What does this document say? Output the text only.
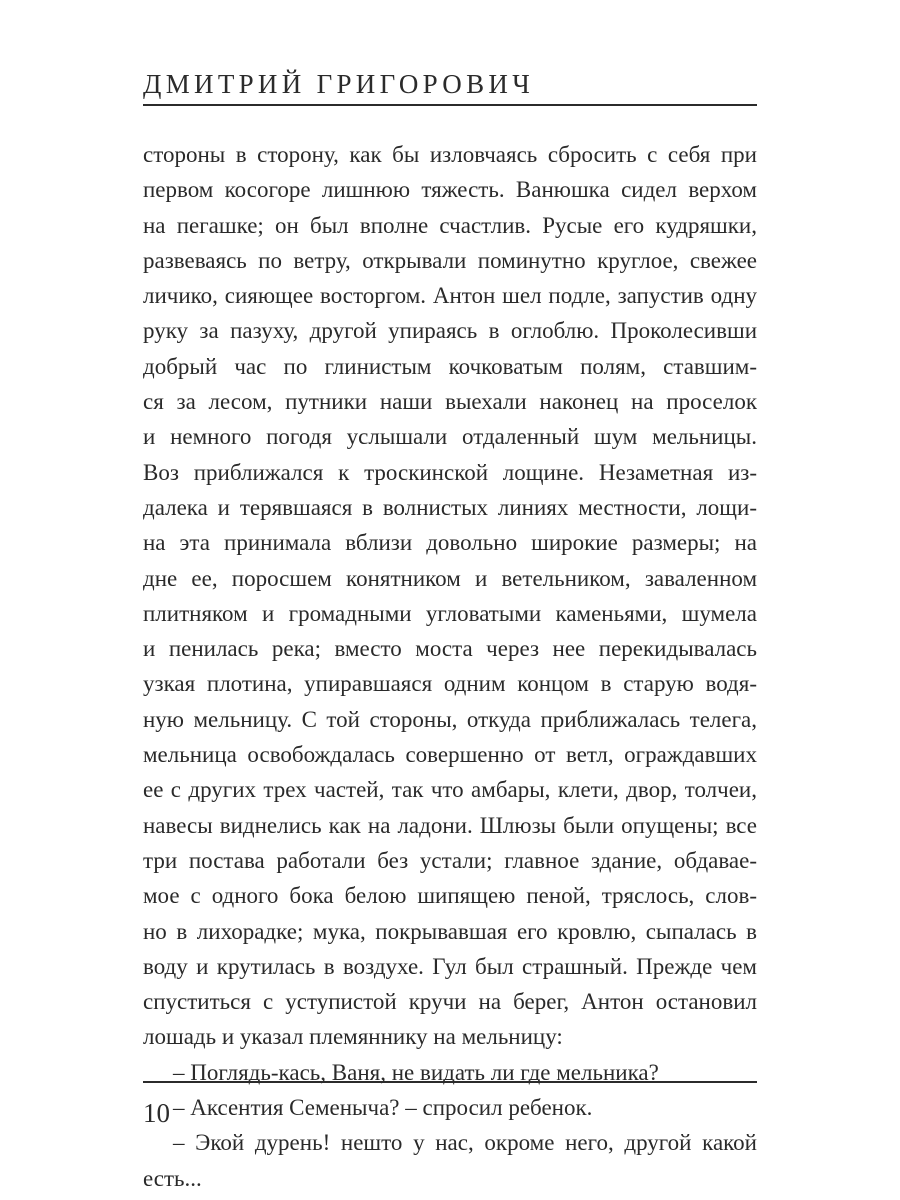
ДМИТРИЙ ГРИГОРОВИЧ
стороны в сторону, как бы изловчаясь сбросить с себя при
первом косогоре лишнюю тяжесть. Ванюшка сидел верхом
на пегашке; он был вполне счастлив. Русые его кудряшки,
развеваясь по ветру, открывали поминутно круглое, свежее
личико, сияющее восторгом. Антон шел подле, запустив одну
руку за пазуху, другой упираясь в оглоблю. Проколесивши
добрый час по глинистым кочковатым полям, ставшим-
ся за лесом, путники наши выехали наконец на проселок
и немного погодя услышали отдаленный шум мельницы.
Воз приближался к троскинской лощине. Незаметная из-
далека и терявшаяся в волнистых линиях местности, лощи-
на эта принимала вблизи довольно широкие размеры; на
дне ее, поросшем конятником и ветельником, заваленном
плитняком и громадными угловатыми каменьями, шумела
и пенилась река; вместо моста через нее перекидывалась
узкая плотина, упиравшаяся одним концом в старую водя-
ную мельницу. С той стороны, откуда приближалась телега,
мельница освобождалась совершенно от ветл, ограждавших
ее с других трех частей, так что амбары, клети, двор, толчеи,
навесы виднелись как на ладони. Шлюзы были опущены; все
три постава работали без устали; главное здание, обдавае-
мое с одного бока белою шипящею пеной, тряслось, слов-
но в лихорадке; мука, покрывавшая его кровлю, сыпалась в
воду и крутилась в воздухе. Гул был страшный. Прежде чем
спуститься с уступистой кручи на берег, Антон остановил
лошадь и указал племяннику на мельницу:
– Поглядь-кась, Ваня, не видать ли где мельника?
– Аксентия Семеныча? – спросил ребенок.
– Экой дурень! нешто у нас, окроме него, другой какой
есть...
10
